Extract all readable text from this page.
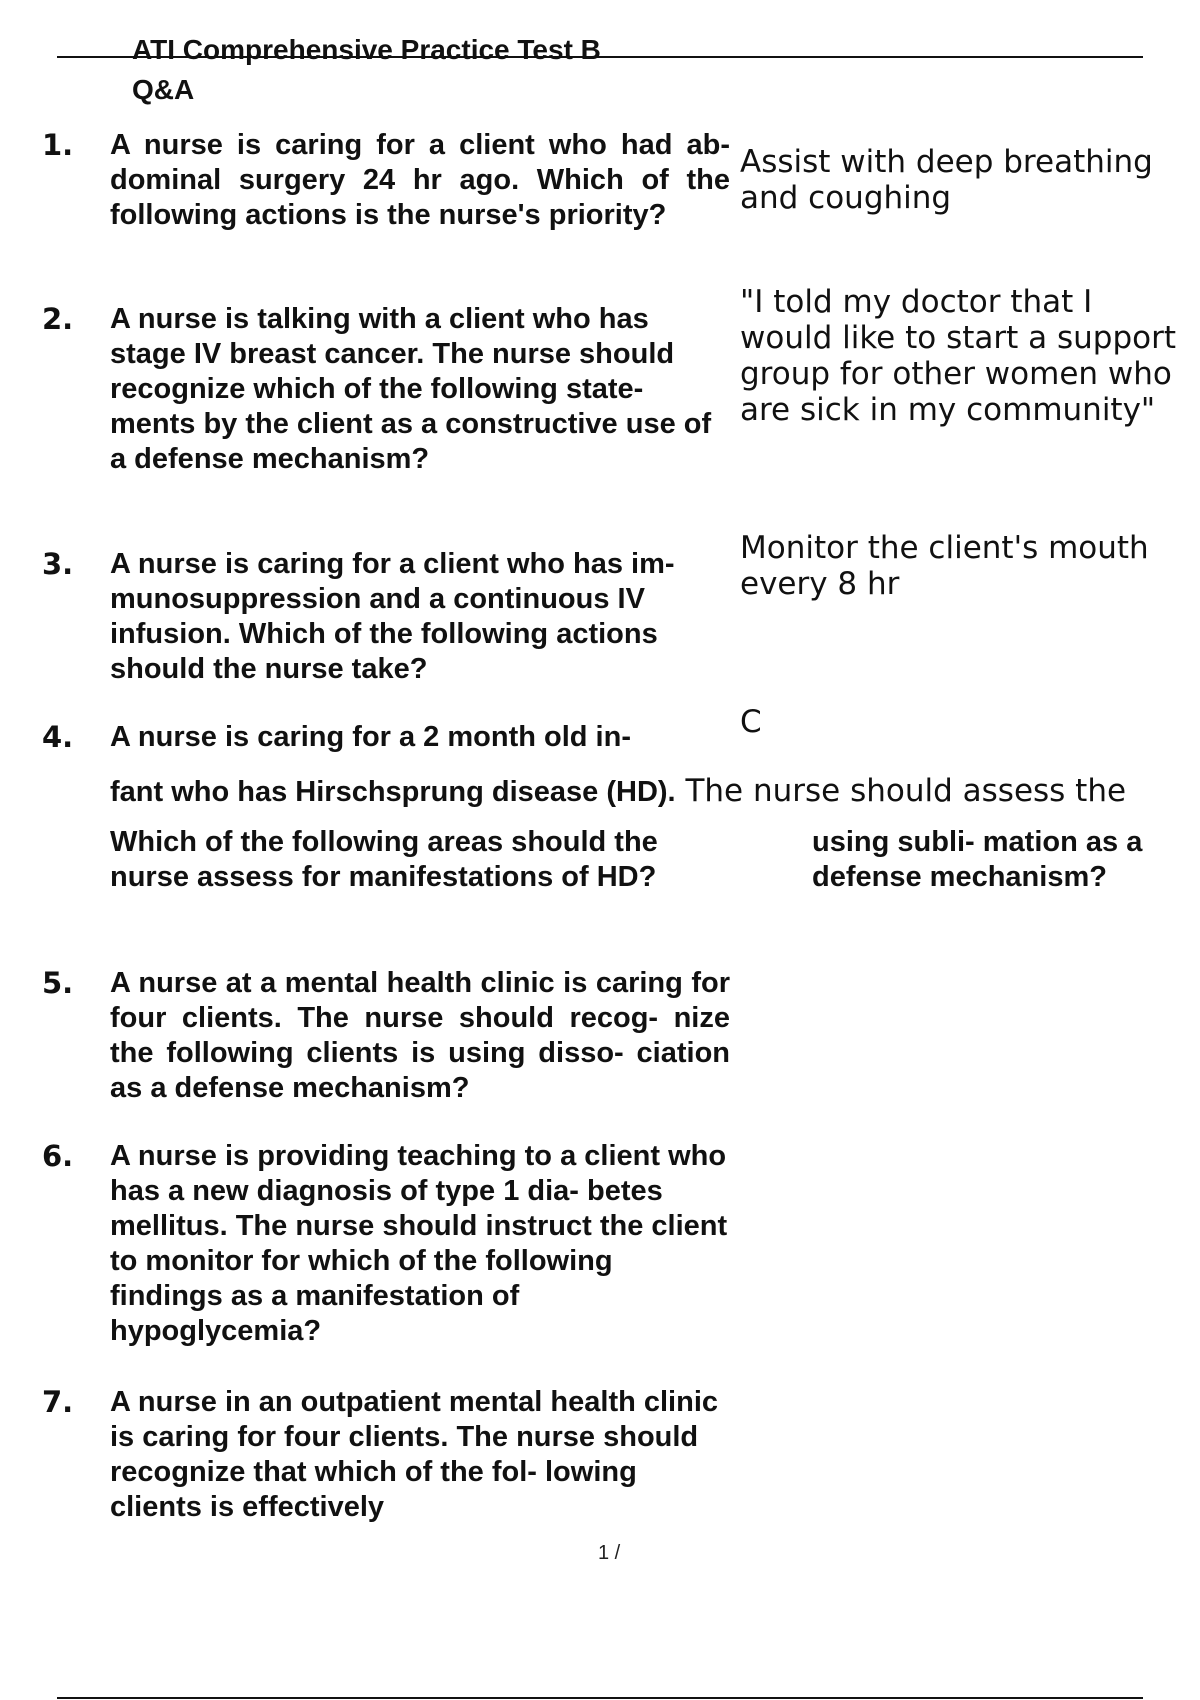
ATI Comprehensive Practice Test B
Q&A
1. A nurse is caring for a client who had ab- dominal surgery 24 hr ago. Which of the following actions is the nurse's priority?

Assist with deep breathing and coughing

2. A nurse is talking with a client who has stage IV breast cancer. The nurse should recognize which of the following state- ments by the client as a constructive use of a defense mechanism?

"I told my doctor that I would like to start a support group for other women who are sick in my community"

3. A nurse is caring for a client who has im- munosuppression and a continuous IV infusion. Which of the following actions should the nurse take?

Monitor the client's mouth every 8 hr

4. A nurse is caring for a 2 month old in-	C

fant who has Hirschsprung disease (HD). The nurse should assess the

Which of the following areas should the nurse assess for manifestations of HD?

using subli- mation as a defense mechanism?

5. A nurse at a mental health clinic is caring for four clients. The nurse should recog- nize the following clients is using disso- ciation as a defense mechanism?

6. A nurse is providing teaching to a client who has a new diagnosis of type 1 dia- betes mellitus. The nurse should instruct the client to monitor for which of the following findings as a manifestation of hypoglycemia?

7. A nurse in an outpatient mental health clinic is caring for four clients. The nurse should recognize that which of the fol- lowing clients is effectively

1 /
